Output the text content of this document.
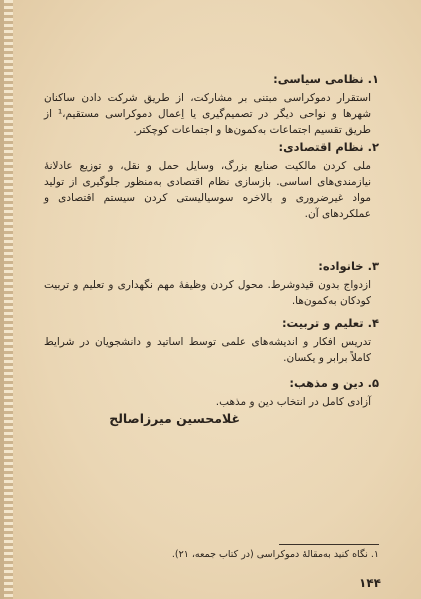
۱. نظامی سیاسی:
استقرار دموکراسی مبتنی بر مشارکت، از طریق شرکت دادن ساکنان شهرها و نواحی دیگر در تصمیم‌گیری یا اِعمال دموکراسی مستقیم،¹ از طریق تقسیم اجتماعات به‌کمون‌ها و اجتماعات کوچکتر.
۲. نظام اقتصادی:
ملی کردن مالکیت صنایع بزرگ، وسایل حمل و نقل، و توزیع عادلانهٔ نیازمندی‌های اساسی. بازسازی نظام اقتصادی به‌منظور جلوگیری از تولید مواد غیرضروری و بالاخره سوسیالیستی کردن سیستم اقتصادی و عملکردهای آن.
۳. خانواده:
ازدواج بدون قیدوشرط. محول کردن وظیفهٔ مهم نگهداری و تعلیم و تربیت کودکان به‌کمون‌ها.
۴. تعلیم و تربیت:
تدریس افکار و اندیشه‌های علمی توسط اساتید و دانشجویان در شرایط کاملاً برابر و یکسان.
۵. دین و مذهب:
آزادی کامل در انتخاب دین و مذهب.
غلامحسین میرزاصالح
۱. نگاه کنید به‌مقالهٔ دموکراسی (در کتاب جمعه، ۲۱).
۱۴۴
